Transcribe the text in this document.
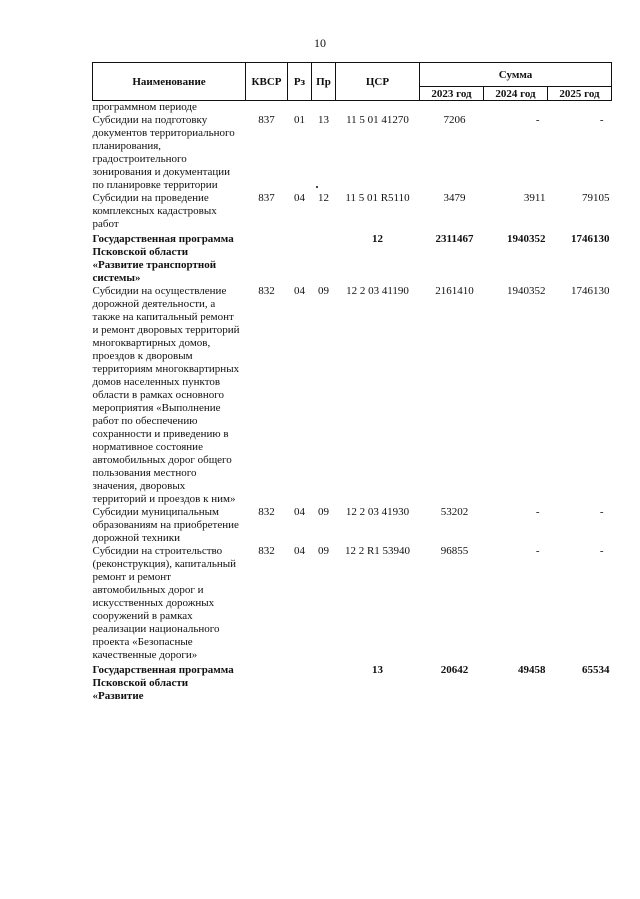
10
Наименование	КВСР	Рз	Пр	ЦСР	Сумма		
					2023 год	2024 год	2025 год
программном периоде							
Субсидии на подготовку документов территориального планирования, градостроительного зонирования и документации по планировке территории	837	01	13	11 5 01 41270	7206	-	-
Субсидии на проведение комплексных кадастровых работ	837	04	12	11 5 01 R5110	3479	3911	79105
Государственная программа Псковской области «Развитие транспортной системы»				12	2311467	1940352	1746130
Субсидии на осуществление дорожной деятельности, а также на капитальный ремонт и ремонт дворовых территорий многоквартирных домов, проездов к дворовым территориям многоквартирных домов населенных пунктов области в рамках основного мероприятия «Выполнение работ по обеспечению сохранности и приведению в нормативное состояние автомобильных дорог общего пользования местного значения, дворовых территорий и проездов к ним»	832	04	09	12 2 03 41190	2161410	1940352	1746130
Субсидии муниципальным образованиям на приобретение дорожной техники	832	04	09	12 2 03 41930	53202	-	-
Субсидии на строительство (реконструкция), капитальный ремонт и ремонт автомобильных дорог и искусственных дорожных сооружений в рамках реализации национального проекта «Безопасные качественные дороги»	832	04	09	12 2 R1 53940	96855	-	-
Государственная программа Псковской области «Развитие				13	20642	49458	65534
